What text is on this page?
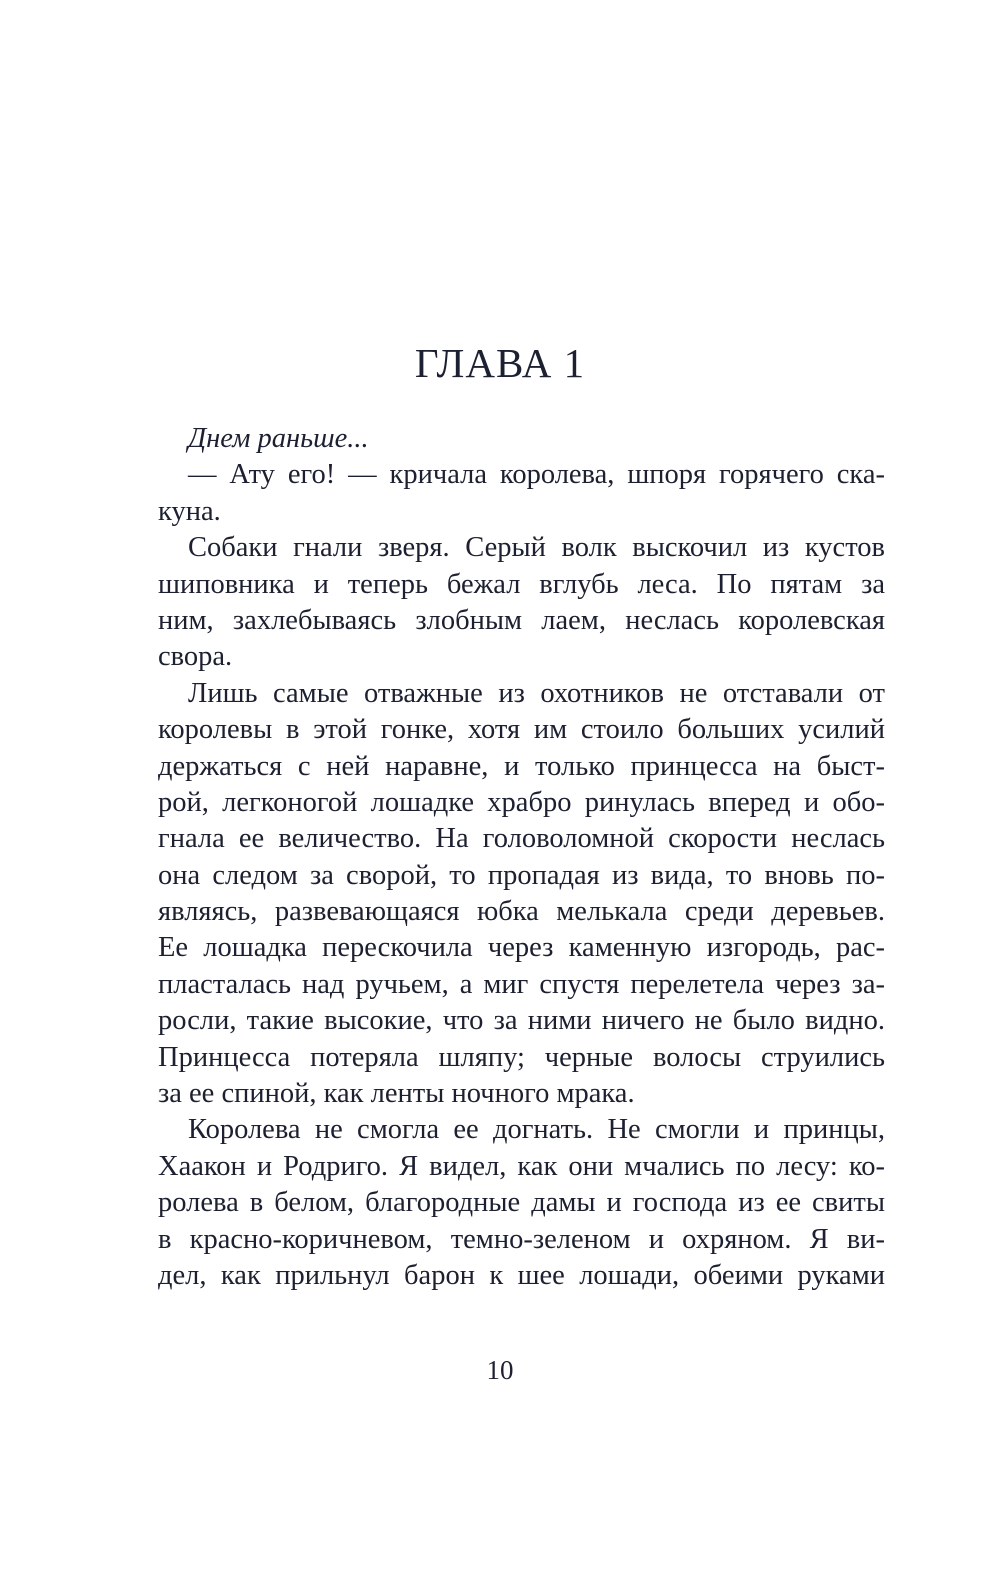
ГЛАВА 1
Днем раньше...
— Ату его! — кричала королева, шпоря горячего ска-
куна.
Собаки гнали зверя. Серый волк выскочил из кустов
шиповника и теперь бежал вглубь леса. По пятам за
ним, захлебываясь злобным лаем, неслась королевская
свора.
Лишь самые отважные из охотников не отставали от
королевы в этой гонке, хотя им стоило больших усилий
держаться с ней наравне, и только принцесса на быст-
рой, легконогой лошадке храбро ринулась вперед и обо-
гнала ее величество. На головоломной скорости неслась
она следом за сворой, то пропадая из вида, то вновь по-
являясь, развевающаяся юбка мелькала среди деревьев.
Ее лошадка перескочила через каменную изгородь, рас-
пласталась над ручьем, а миг спустя перелетела через за-
росли, такие высокие, что за ними ничего не было видно.
Принцесса потеряла шляпу; черные волосы струились
за ее спиной, как ленты ночного мрака.
Королева не смогла ее догнать. Не смогли и принцы,
Хаакон и Родриго. Я видел, как они мчались по лесу: ко-
ролева в белом, благородные дамы и господа из ее свиты
в красно-коричневом, темно-зеленом и охряном. Я ви-
дел, как прильнул барон к шее лошади, обеими руками

10
